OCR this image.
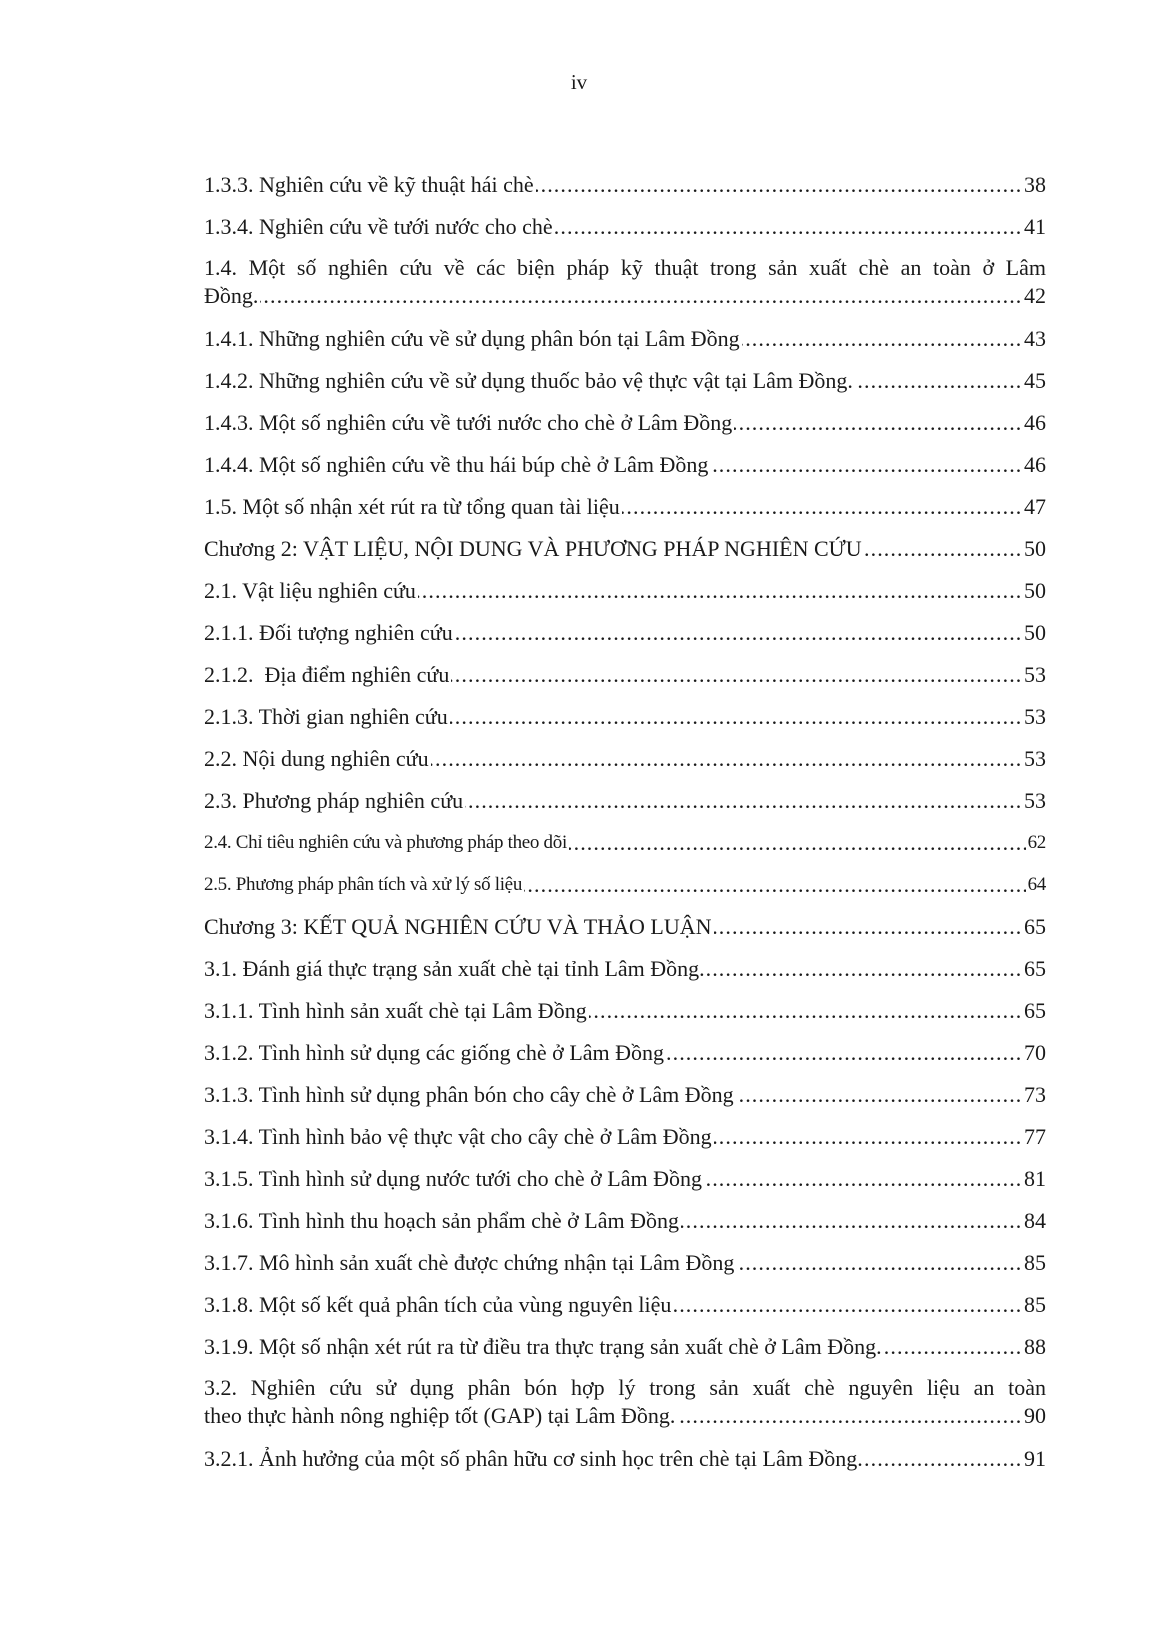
iv
. . . 1.3.3. Nghiên cứu về kỹ thuật hái chè	38
. . . 1.3.4. Nghiên cứu về tưới nước cho chè	41
1.4. Một số nghiên cứu về các biện pháp kỹ thuật trong sản xuất chè an toàn ở Lâm
. . . Đồng.	42
. . . 1.4.1. Những nghiên cứu về sử dụng phân bón tại Lâm Đồng	43
. . . 1.4.2. Những nghiên cứu về sử dụng thuốc bảo vệ thực vật tại Lâm Đồng.	45
. . . 1.4.3. Một số nghiên cứu về tưới nước cho chè ở Lâm Đồng	46
. . . 1.4.4. Một số nghiên cứu về thu hái búp chè ở Lâm Đồng	46
. . . 1.5. Một số nhận xét rút ra từ tổng quan tài liệu	47
. . . Chương 2: VẬT LIỆU, NỘI DUNG VÀ PHƯƠNG PHÁP NGHIÊN CỨU	50
. . . 2.1. Vật liệu nghiên cứu	50
. . . 2.1.1. Đối tượng nghiên cứu	50
. . . 2.1.2.  Địa điểm nghiên cứu	53
. . . 2.1.3. Thời gian nghiên cứu	53
. . . 2.2. Nội dung nghiên cứu	53
. . . 2.3. Phương pháp nghiên cứu	53
. . . 2.4. Chỉ tiêu nghiên cứu và phương pháp theo dõi	62
. . . 2.5. Phương pháp phân tích và xử lý số liệu	64
. . . Chương 3: KẾT QUẢ NGHIÊN CỨU VÀ THẢO LUẬN	65
. . . 3.1. Đánh giá thực trạng sản xuất chè tại tỉnh Lâm Đồng.	65
. . . 3.1.1. Tình hình sản xuất chè tại Lâm Đồng	65
. . . 3.1.2. Tình hình sử dụng các giống chè ở Lâm Đồng	70
. . . 3.1.3. Tình hình sử dụng phân bón cho cây chè ở Lâm Đồng	73
. . . 3.1.4. Tình hình bảo vệ thực vật cho cây chè ở Lâm Đồng	77
. . . 3.1.5. Tình hình sử dụng nước tưới cho chè ở Lâm Đồng	81
. . . 3.1.6. Tình hình thu hoạch sản phẩm chè ở Lâm Đồng	84
. . . 3.1.7. Mô hình sản xuất chè được chứng nhận tại Lâm Đồng	85
. . . 3.1.8. Một số kết quả phân tích của vùng nguyên liệu	85
. . . 3.1.9. Một số nhận xét rút ra từ điều tra thực trạng sản xuất chè ở Lâm Đồng.	88
3.2. Nghiên cứu sử dụng phân bón hợp lý trong sản xuất chè nguyên liệu an toàn
. . . theo thực hành nông nghiệp tốt (GAP) tại Lâm Đồng.	90
. . . 3.2.1. Ảnh hưởng của một số phân hữu cơ sinh học trên chè tại Lâm Đồng.	91
